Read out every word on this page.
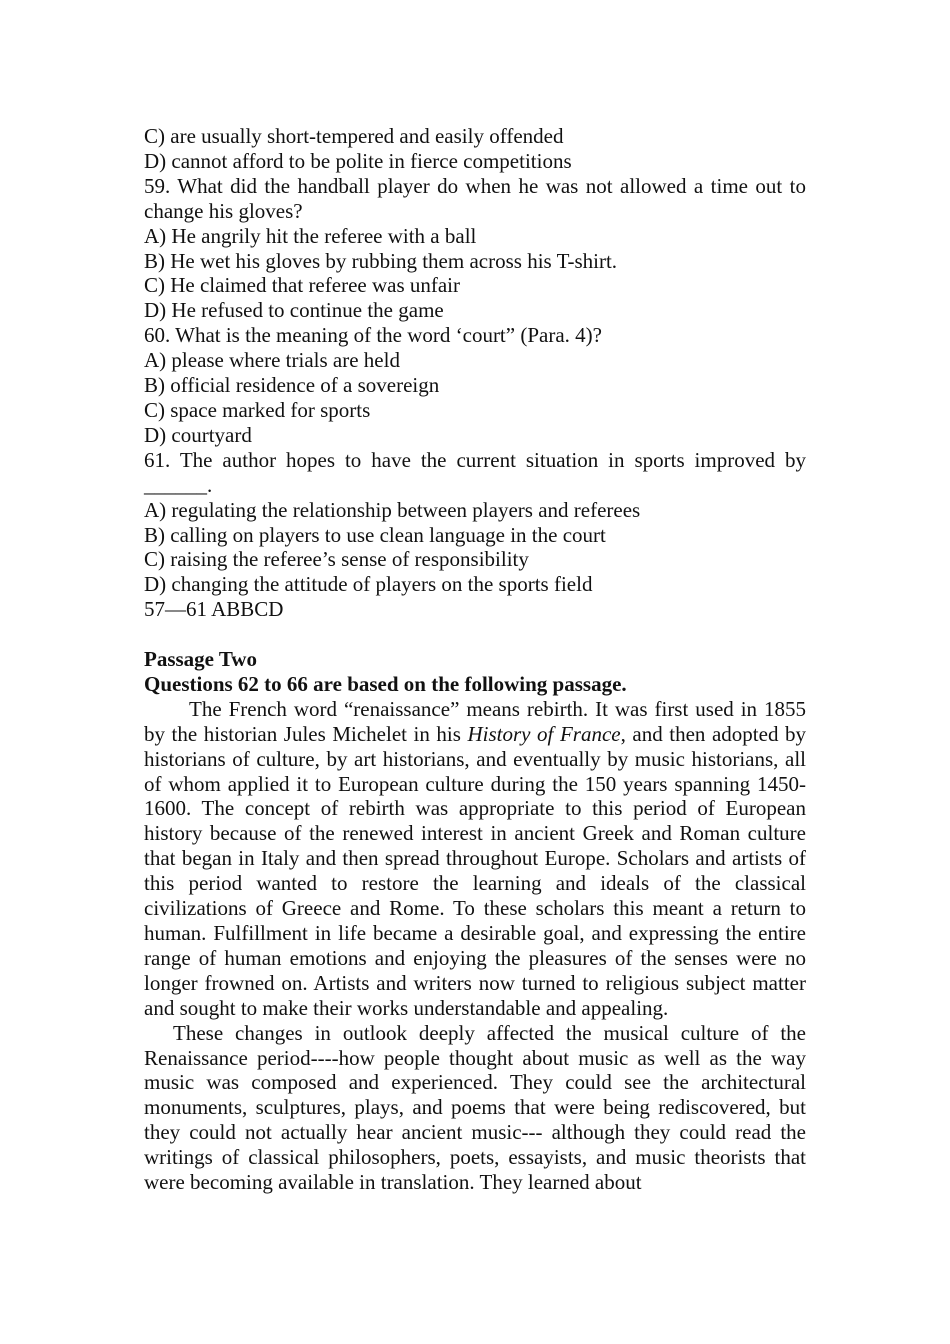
C) are usually short-tempered and easily offended
D) cannot afford to be polite in fierce competitions
59. What did the handball player do when he was not allowed a time out to change his gloves?
A) He angrily hit the referee with a ball
B) He wet his gloves by rubbing them across his T-shirt.
C) He claimed that referee was unfair
D) He refused to continue the game
60. What is the meaning of the word ‘court” (Para. 4)?
A) please where trials are held
B) official residence of a sovereign
C) space marked for sports
D) courtyard
61. The author hopes to have the current situation in sports improved by ______.
A) regulating the relationship between players and referees
B) calling on players to use clean language in the court
C) raising the referee’s sense of responsibility
D) changing the attitude of players on the sports field
57—61 ABBCD
Passage Two
Questions 62 to 66 are based on the following passage.
The French word “renaissance” means rebirth. It was first used in 1855 by the historian Jules Michelet in his History of France, and then adopted by historians of culture, by art historians, and eventually by music historians, all of whom applied it to European culture during the 150 years spanning 1450-1600. The concept of rebirth was appropriate to this period of European history because of the renewed interest in ancient Greek and Roman culture that began in Italy and then spread throughout Europe. Scholars and artists of this period wanted to restore the learning and ideals of the classical civilizations of Greece and Rome. To these scholars this meant a return to human. Fulfillment in life became a desirable goal, and expressing the entire range of human emotions and enjoying the pleasures of the senses were no longer frowned on. Artists and writers now turned to religious subject matter and sought to make their works understandable and appealing.
These changes in outlook deeply affected the musical culture of the Renaissance period----how people thought about music as well as the way music was composed and experienced. They could see the architectural monuments, sculptures, plays, and poems that were being rediscovered, but they could not actually hear ancient music--- although they could read the writings of classical philosophers, poets, essayists, and music theorists that were becoming available in translation. They learned about
